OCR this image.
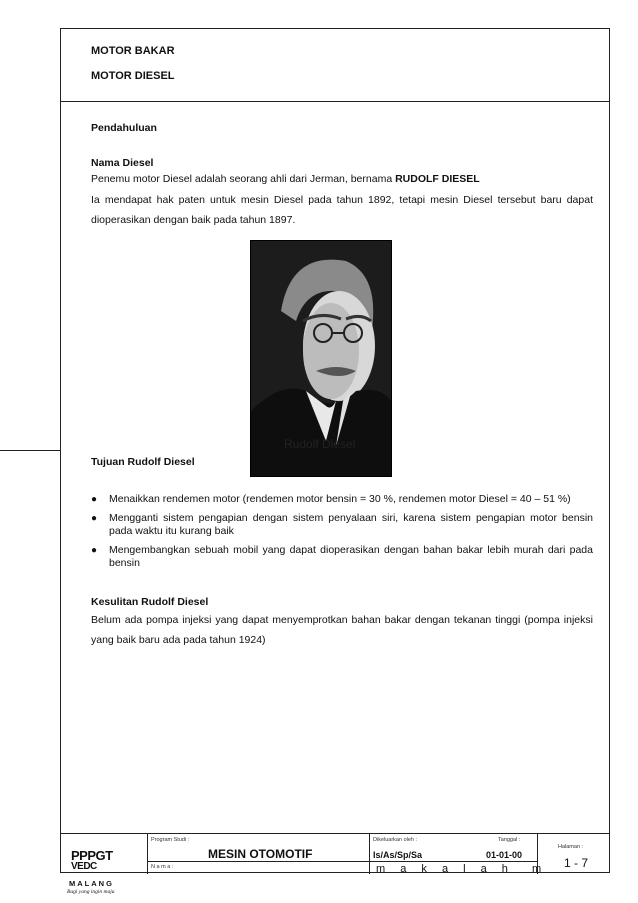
MOTOR BAKAR
MOTOR DIESEL
Pendahuluan
Nama Diesel
Penemu motor Diesel adalah seorang ahli dari Jerman, bernama RUDOLF DIESEL
Ia mendapat hak paten untuk mesin Diesel pada tahun 1892, tetapi mesin Diesel tersebut baru dapat dioperasikan dengan baik pada tahun 1897.
Tujuan Rudolf Diesel
● Menaikkan rendemen motor (rendemen motor bensin = 30 %, rendemen motor Diesel = 40 – 51 %)
● Mengganti sistem pengapian dengan sistem penyalaan siri, karena sistem pengapian motor bensin pada waktu itu kurang baik
● Mengembangkan sebuah mobil yang dapat dioperasikan dengan bahan bakar lebih murah dari pada bensin
Kesulitan Rudolf Diesel
Belum ada pompa injeksi yang dapat menyemprotkan bahan bakar dengan tekanan tinggi (pompa injeksi yang baik baru ada pada tahun 1924)
PPPGT
VEDC
MALANG
Bagi yang ingin maju
Program Studi :
MESIN OTOMOTIF
N a m a :
Dikeluarkan oleh :
Is/As/Sp/Sa
Tanggal :
01-01-00
m a k a l a h  m
Halaman :
1 - 7
Rudolf Diesel
